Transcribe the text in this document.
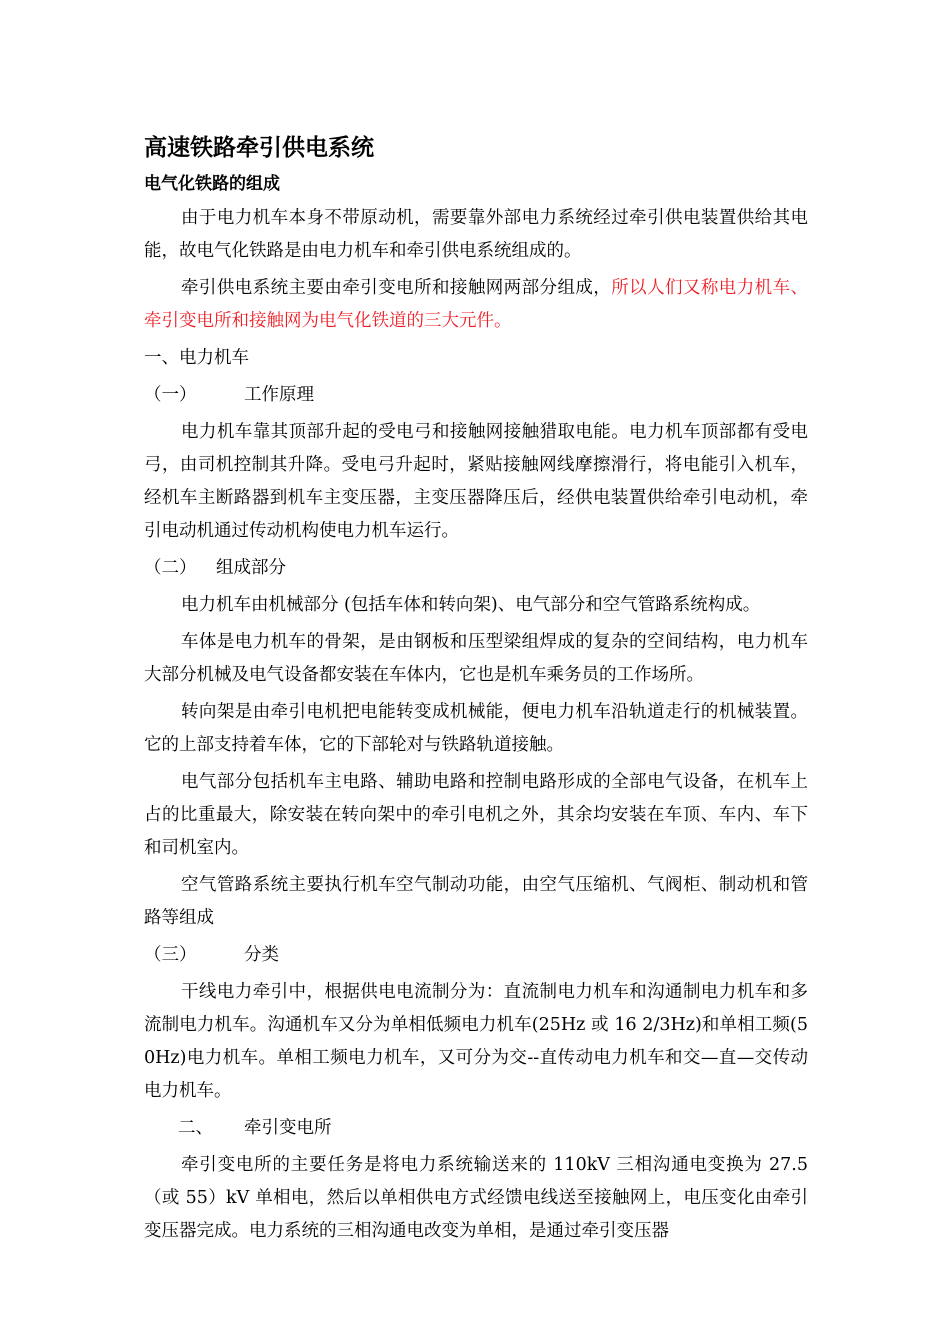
高速铁路牵引供电系统
电气化铁路的组成

由于电力机车本身不带原动机，需要靠外部电力系统经过牵引供电装置供给其电能，故电气化铁路是由电力机车和牵引供电系统组成的。

牵引供电系统主要由牵引变电所和接触网两部分组成，所以人们又称电力机车、牵引变电所和接触网为电气化铁道的三大元件。

一、电力机车
（一）	工作原理

电力机车靠其顶部升起的受电弓和接触网接触猎取电能。电力机车顶部都有受电弓，由司机控制其升降。受电弓升起时，紧贴接触网线摩擦滑行，将电能引入机车，经机车主断路器到机车主变压器，主变压器降压后，经供电装置供给牵引电动机，牵引电动机通过传动机构使电力机车运行。

（二） 组成部分

电力机车由机械部分 (包括车体和转向架)、电气部分和空气管路系统构成。

车体是电力机车的骨架，是由钢板和压型梁组焊成的复杂的空间结构，电力机车大部分机械及电气设备都安装在车体内，它也是机车乘务员的工作场所。

转向架是由牵引电机把电能转变成机械能，便电力机车沿轨道走行的机械装置。它的上部支持着车体，它的下部轮对与铁路轨道接触。

电气部分包括机车主电路、辅助电路和控制电路形成的全部电气设备，在机车上占的比重最大，除安装在转向架中的牵引电机之外，其余均安装在车顶、车内、车下和司机室内。

空气管路系统主要执行机车空气制动功能，由空气压缩机、气阀柜、制动机和管路等组成

（三）	分类

干线电力牵引中，根据供电电流制分为：直流制电力机车和沟通制电力机车和多流制电力机车。沟通机车又分为单相低频电力机车(25Hz 或 16 2/3Hz)和单相工频(50Hz)电力机车。单相工频电力机车，又可分为交--直传动电力机车和交—直—交传动电力机车。

二、 牵引变电所

牵引变电所的主要任务是将电力系统输送来的 110kV 三相沟通电变换为 27.5（或 55）kV 单相电，然后以单相供电方式经馈电线送至接触网上，电压变化由牵引变压器完成。电力系统的三相沟通电改变为单相，是通过牵引变压器
